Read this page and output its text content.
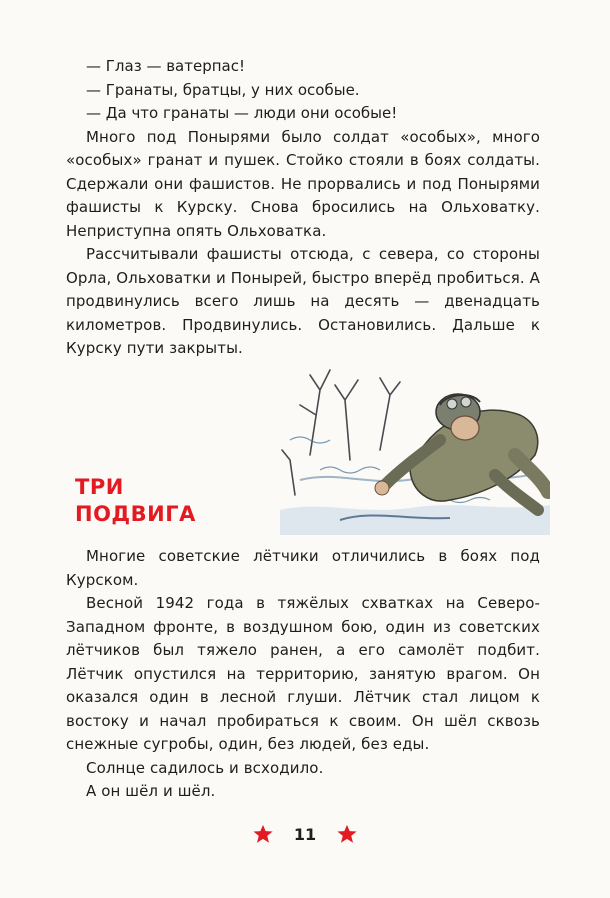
— Глаз — ватерпас!

— Гранаты, братцы, у них особые.

— Да что гранаты — люди они особые!

Много под Понырями было солдат «особых», много «особых» гранат и пушек. Стойко стояли в боях солдаты. Сдержали они фашистов. Не прорвались и под Понырями фашисты к Курску. Снова бросились на Ольховатку. Неприступна опять Ольховатка.

Рассчитывали фашисты отсюда, с севера, со стороны Орла, Ольховатки и Понырей, быстро вперёд пробиться. А продвинулись всего лишь на десять — двенадцать километров. Продвинулись. Остановились. Дальше к Курску пути закрыты.

ТРИ
ПОДВИГА

Многие советские лётчики отличились в боях под Курском.

Весной 1942 года в тяжёлых схватках на Северо-Западном фронте, в воздушном бою, один из советских лётчиков был тяжело ранен, а его самолёт подбит. Лётчик опустился на территорию, занятую врагом. Он оказался один в лесной глуши. Лётчик стал лицом к востоку и начал пробираться к своим. Он шёл сквозь снежные сугробы, один, без людей, без еды.

Солнце садилось и всходило.

А он шёл и шёл.

11
